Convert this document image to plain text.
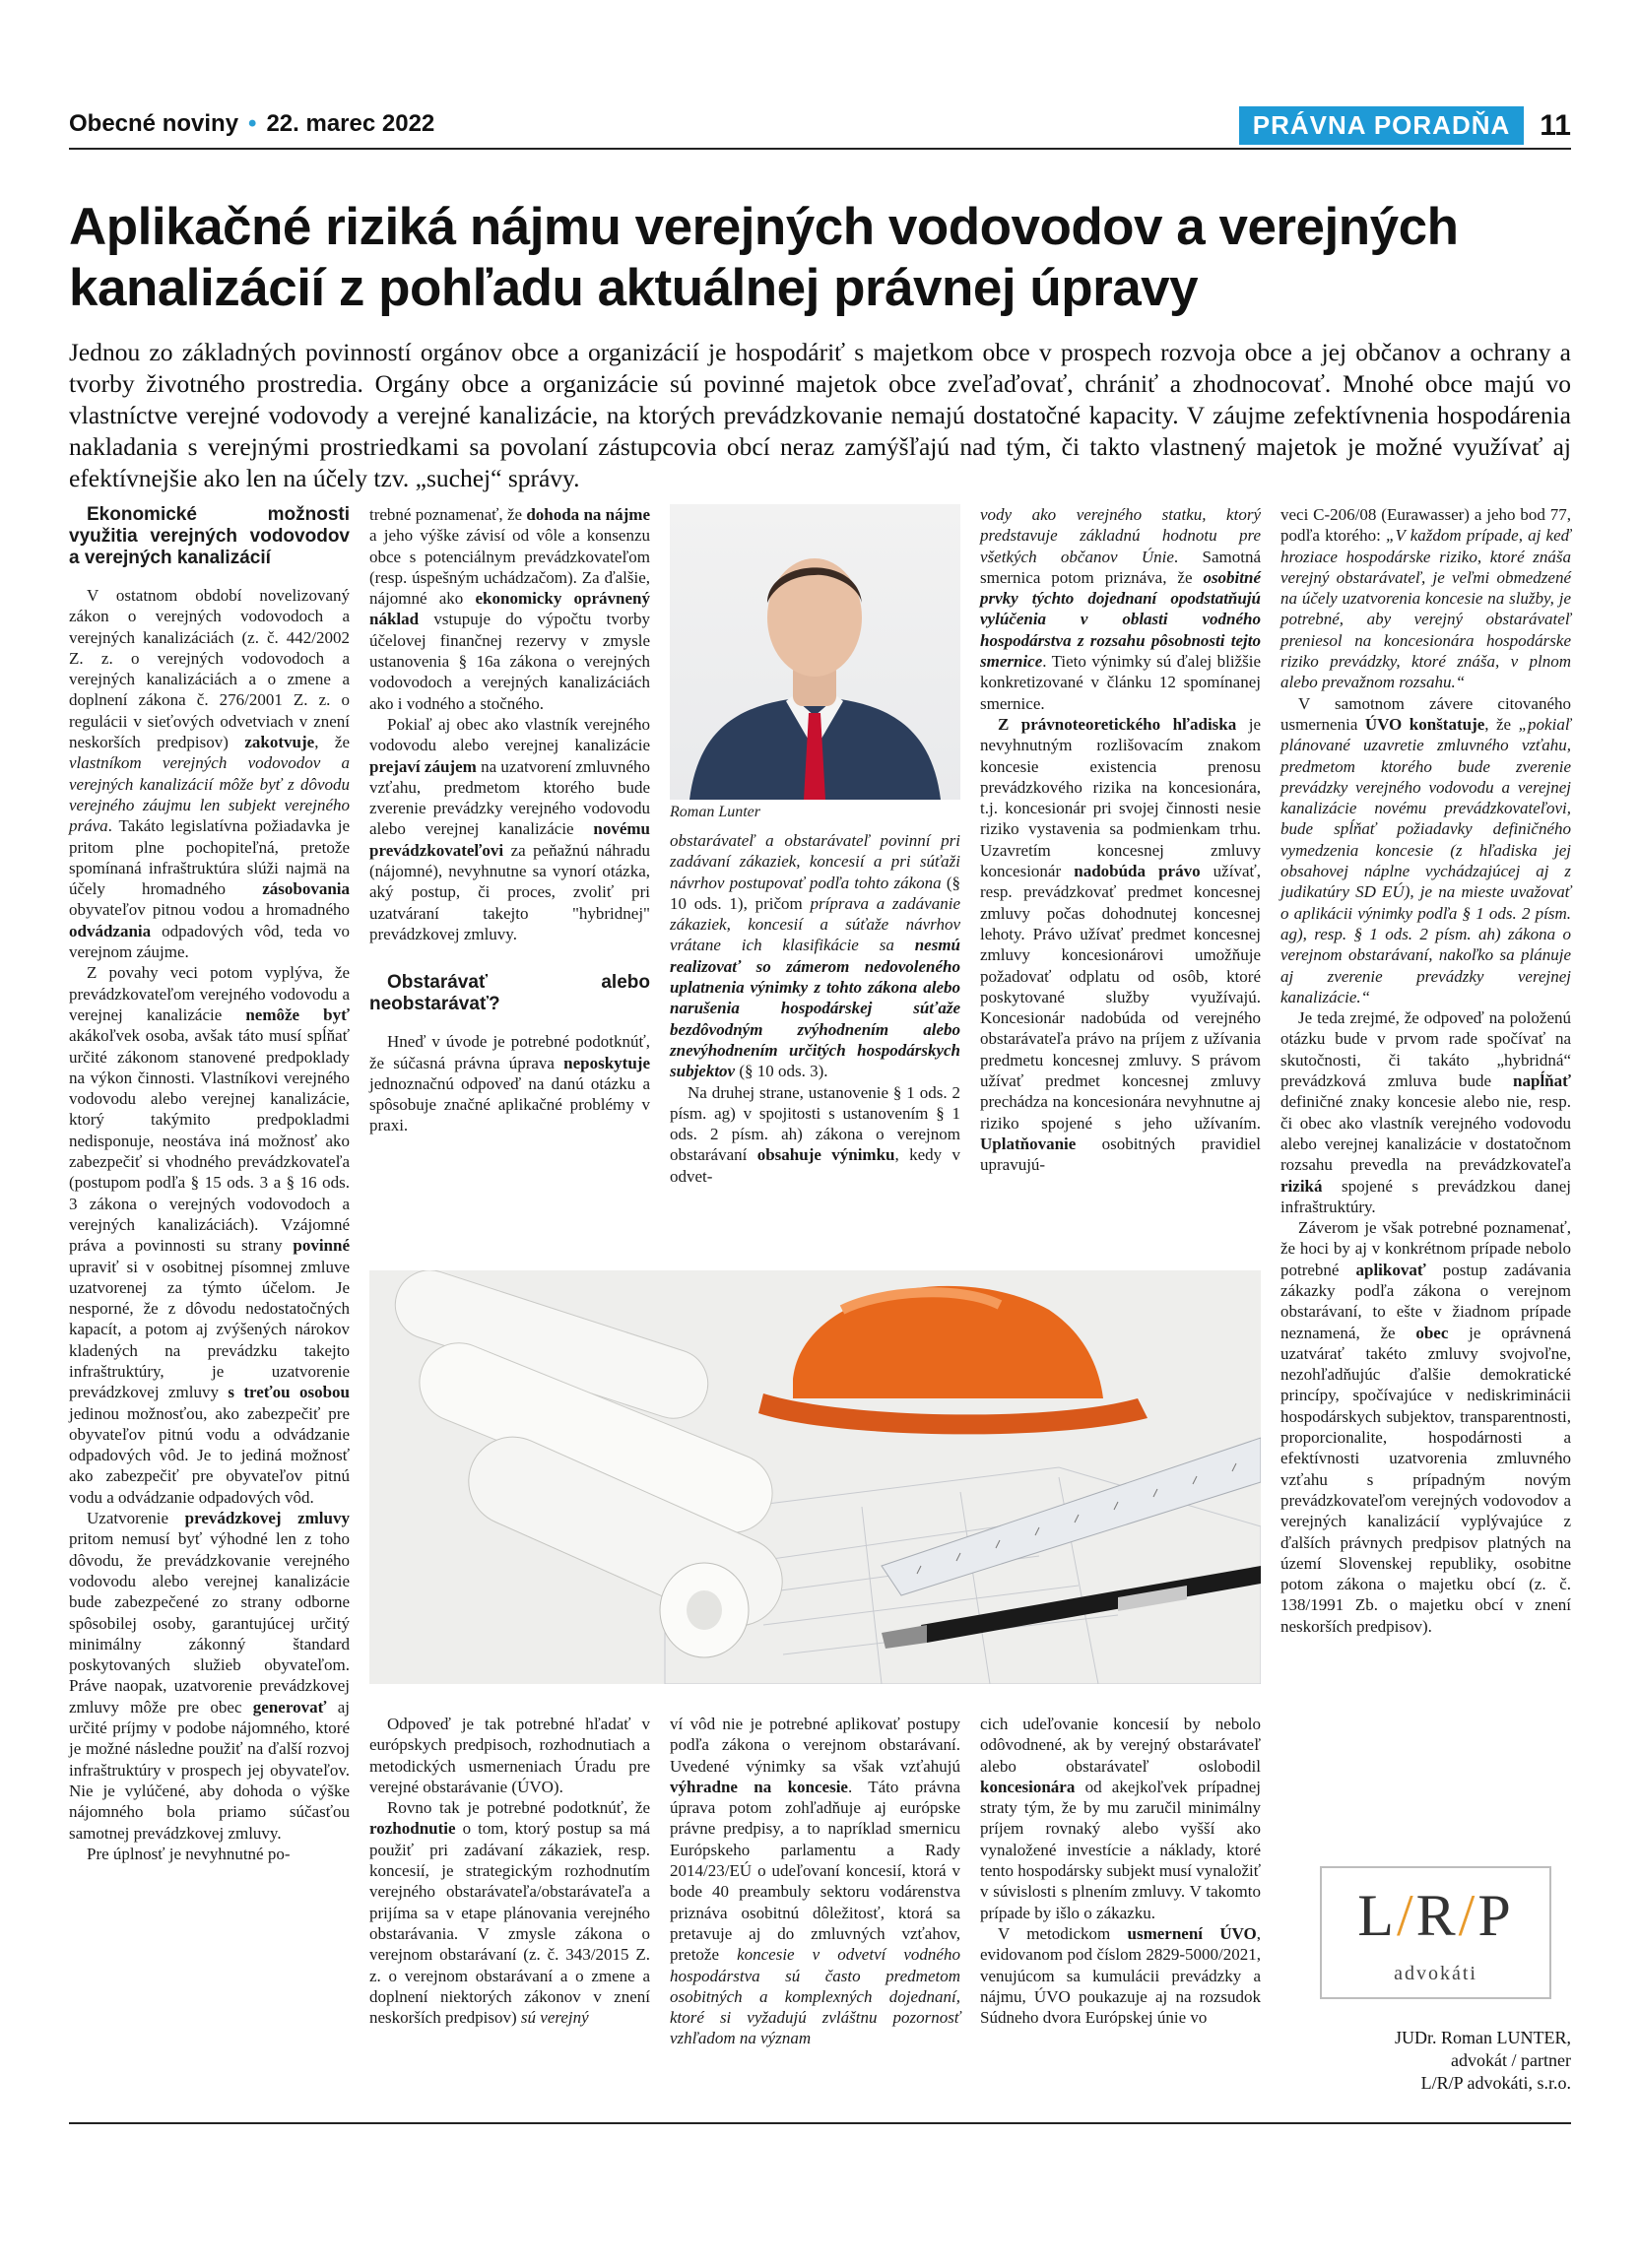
Obecné noviny • 22. marec 2022	PRÁVNA PORADŇA	11
Aplikačné riziká nájmu verejných vodovodov a verejných kanalizácií z pohľadu aktuálnej právnej úpravy

Jednou zo základných povinností orgánov obce a organizácií je hospodáriť s majetkom obce v prospech rozvoja obce a jej občanov a ochrany a tvorby životného prostredia. Orgány obce a organizácie sú povinné majetok obce zveľaďovať, chrániť a zhodnocovať. Mnohé obce majú vo vlastníctve verejné vodovody a verejné kanalizácie, na ktorých prevádzkovanie nemajú dostatočné kapacity. V záujme zefektívnenia hospodárenia nakladania s verejnými prostriedkami sa povolaní zástupcovia obcí neraz zamýšľajú nad tým, či takto vlastnený majetok je možné využívať aj efektívnejšie ako len na účely tzv. „suchej“ správy.

Ekonomické možnosti využitia verejných vodovodov a verejných kanalizácií

V ostatnom období novelizovaný zákon o verejných vodovodoch a verejných kanalizáciách (z. č. 442/2002 Z. z. o verejných vodovodoch a verejných kanalizáciách a o zmene a doplnení zákona č. 276/2001 Z. z. o regulácii v sieťových odvetviach v znení neskorších predpisov) zakotvuje, že vlastníkom verejných vodovodov a verejných kanalizácií môže byť z dôvodu verejného záujmu len subjekt verejného práva. Takáto legislatívna požiadavka je pritom plne pochopiteľná, pretože spomínaná infraštruktúra slúži najmä na účely hromadného zásobovania obyvateľov pitnou vodou a hromadného odvádzania odpadových vôd, teda vo verejnom záujme.

Z povahy veci potom vyplýva, že prevádzkovateľom verejného vodovodu a verejnej kanalizácie nemôže byť akákoľvek osoba, avšak táto musí spĺňať určité zákonom stanovené predpoklady na výkon činnosti. Vlastníkovi verejného vodovodu alebo verejnej kanalizácie, ktorý takýmito predpokladmi nedisponuje, neostáva iná možnosť ako zabezpečiť si vhodného prevádzkovateľa (postupom podľa § 15 ods. 3 a § 16 ods. 3 zákona o verejných vodovodoch a verejných kanalizáciách). Vzájomné práva a povinnosti su strany povinné upraviť si v osobitnej písomnej zmluve uzatvorenej za týmto účelom. Je nesporné, že z dôvodu nedostatočných kapacít, a potom aj zvýšených nárokov kladených na prevádzku takejto infraštruktúry, je uzatvorenie prevádzkovej zmluvy s treťou osobou jedinou možnosťou, ako zabezpečiť pre obyvateľov pitnú vodu a odvádzanie odpadových vôd. Je to jediná možnosť ako zabezpečiť pre obyvateľov pitnú vodu a odvádzanie odpadových vôd.

Uzatvorenie prevádzkovej zmluvy pritom nemusí byť výhodné len z toho dôvodu, že prevádzkovanie verejného vodovodu alebo verejnej kanalizácie bude zabezpečené zo strany odborne spôsobilej osoby, garantujúcej určitý minimálny zákonný štandard poskytovaných služieb obyvateľom. Práve naopak, uzatvorenie prevádzkovej zmluvy môže pre obec generovať aj určité príjmy v podobe nájomného, ktoré je možné následne použiť na ďalší rozvoj infraštruktúry v prospech jej obyvateľov. Nie je vylúčené, aby dohoda o výške nájomného bola priamo súčasťou samotnej prevádzkovej zmluvy.

Pre úplnosť je nevyhnutné po-

trebné poznamenať, že dohoda na nájme a jeho výške závisí od vôle a konsenzu obce s potenciálnym prevádzkovateľom (resp. úspešným uchádzačom). Za ďalšie, nájomné ako ekonomicky oprávnený náklad vstupuje do výpočtu tvorby účelovej finančnej rezervy v zmysle ustanovenia § 16a zákona o verejných vodovodoch a verejných kanalizáciách ako i vodného a stočného.

Pokiaľ aj obec ako vlastník verejného vodovodu alebo verejnej kanalizácie prejaví záujem na uzatvorení zmluvného vzťahu, predmetom ktorého bude zverenie prevádzky verejného vodovodu alebo verejnej kanalizácie novému prevádzkovateľovi za peňažnú náhradu (nájomné), nevyhnutne sa vynorí otázka, aký postup, či proces, zvoliť pri uzatváraní takejto "hybridnej" prevádzkovej zmluvy.

Obstarávať alebo neobstarávať?

Hneď v úvode je potrebné podotknúť, že súčasná právna úprava neposkytuje jednoznačnú odpoveď na danú otázku a spôsobuje značné aplikačné problémy v praxi.

Roman Lunter

obstarávateľ a obstarávateľ povinní pri zadávaní zákaziek, koncesií a pri súťaži návrhov postupovať podľa tohto zákona (§ 10 ods. 1), pričom príprava a zadávanie zákaziek, koncesií a súťaže návrhov vrátane ich klasifikácie sa nesmú realizovať so zámerom nedovoleného uplatnenia výnimky z tohto zákona alebo narušenia hospodárskej súťaže bezdôvodným zvýhodnením alebo znevýhodnením určitých hospodárskych subjektov (§ 10 ods. 3).

Na druhej strane, ustanovenie § 1 ods. 2 písm. ag) v spojitosti s ustanovením § 1 ods. 2 písm. ah) zákona o verejnom obstarávaní obsahuje výnimku, kedy v odvet-

vody ako verejného statku, ktorý predstavuje základnú hodnotu pre všetkých občanov Únie. Samotná smernica potom priznáva, že osobitné prvky týchto dojednaní opodstatňujú vylúčenia v oblasti vodného hospodárstva z rozsahu pôsobnosti tejto smernice. Tieto výnimky sú ďalej bližšie konkretizované v článku 12 spomínanej smernice.

Z právnoteoretického hľadiska je nevyhnutným rozlišovacím znakom koncesie existencia prenosu prevádzkového rizika na koncesionára, t.j. koncesionár pri svojej činnosti nesie riziko vystavenia sa podmienkam trhu. Uzavretím koncesnej zmluvy koncesionár nadobúda právo užívať, resp. prevádzkovať predmet koncesnej zmluvy počas dohodnutej koncesnej lehoty. Právo užívať predmet koncesnej zmluvy koncesionárovi umožňuje požadovať odplatu od osôb, ktoré poskytované služby využívajú. Koncesionár nadobúda od verejného obstarávateľa právo na príjem z užívania predmetu koncesnej zmluvy. S právom užívať predmet koncesnej zmluvy prechádza na koncesionára nevyhnutne aj riziko spojené s jeho užívaním. Uplatňovanie osobitných pravidiel upravujú-

veci C-206/08 (Eurawasser) a jeho bod 77, podľa ktorého: „V každom prípade, aj keď hroziace hospodárske riziko, ktoré znáša verejný obstarávateľ, je veľmi obmedzené na účely uzatvorenia koncesie na služby, je potrebné, aby verejný obstarávateľ preniesol na koncesionára hospodárske riziko prevádzky, ktoré znáša, v plnom alebo prevažnom rozsahu.“

V samotnom závere citovaného usmernenia ÚVO konštatuje, že „pokiaľ plánované uzavretie zmluvného vzťahu, predmetom ktorého bude zverenie prevádzky verejného vodovodu a verejnej kanalizácie novému prevádzkovateľovi, bude spĺňať požiadavky definičného vymedzenia koncesie (z hľadiska jej obsahovej náplne vychádzajúcej aj z judikatúry SD EÚ), je na mieste uvažovať o aplikácii výnimky podľa § 1 ods. 2 písm. ag), resp. § 1 ods. 2 písm. ah) zákona o verejnom obstarávaní, nakoľko sa plánuje aj zverenie prevádzky verejnej kanalizácie.“

Je teda zrejmé, že odpoveď na položenú otázku bude v prvom rade spočívať na skutočnosti, či takáto „hybridná“ prevádzková zmluva bude napĺňať definičné znaky koncesie alebo nie, resp. či obec ako vlastník verejného vodovodu alebo verejnej kanalizácie v dostatočnom rozsahu prevedla na prevádzkovateľa riziká spojené s prevádzkou danej infraštruktúry.

Záverom je však potrebné poznamenať, že hoci by aj v konkrétnom prípade nebolo potrebné aplikovať postup zadávania zákazky podľa zákona o verejnom obstarávaní, to ešte v žiadnom prípade neznamená, že obec je oprávnená uzatvárať takéto zmluvy svojvoľne, nezohľadňujúc ďalšie demokratické princípy, spočívajúce v nediskriminácii hospodárskych subjektov, transparentnosti, proporcionalite, hospodárnosti a efektívnosti uzatvorenia zmluvného vzťahu s prípadným novým prevádzkovateľom verejných vodovodov a verejných kanalizácií vyplývajúce z ďalších právnych predpisov platných na území Slovenskej republiky, osobitne potom zákona o majetku obcí (z. č. 138/1991 Zb. o majetku obcí v znení neskorších predpisov).

Odpoveď je tak potrebné hľadať v európskych predpisoch, rozhodnutiach a metodických usmerneniach Úradu pre verejné obstarávanie (ÚVO).

Rovno tak je potrebné podotknúť, že rozhodnutie o tom, ktorý postup sa má použiť pri zadávaní zákaziek, resp. koncesií, je strategickým rozhodnutím verejného obstarávateľa/obstarávateľa a prijíma sa v etape plánovania verejného obstarávania. V zmysle zákona o verejnom obstarávaní (z. č. 343/2015 Z. z. o verejnom obstarávaní a o zmene a doplnení niektorých zákonov v znení neskorších predpisov) sú verejný

ví vôd nie je potrebné aplikovať postupy podľa zákona o verejnom obstarávaní. Uvedené výnimky sa však vzťahujú výhradne na koncesie. Táto právna úprava potom zohľadňuje aj európske právne predpisy, a to napríklad smernicu Európskeho parlamentu a Rady 2014/23/EÚ o udeľovaní koncesií, ktorá v bode 40 preambuly sektoru vodárenstva priznáva osobitnú dôležitosť, ktorá sa pretavuje aj do zmluvných vzťahov, pretože koncesie v odvetví vodného hospodárstva sú často predmetom osobitných a komplexných dojednaní, ktoré si vyžadujú zvláštnu pozornosť vzhľadom na význam

cich udeľovanie koncesií by nebolo odôvodnené, ak by verejný obstarávateľ alebo obstarávateľ oslobodil koncesionára od akejkoľvek prípadnej straty tým, že by mu zaručil minimálny príjem rovnaký alebo vyšší ako vynaložené investície a náklady, ktoré tento hospodársky subjekt musí vynaložiť v súvislosti s plnením zmluvy. V takomto prípade by išlo o zákazku.

V metodickom usmernení ÚVO, evidovanom pod číslom 2829-5000/2021, venujúcom sa kumulácii prevádzky a nájmu, ÚVO poukazuje aj na rozsudok Súdneho dvora Európskej únie vo

L/R/P
advokáti
JUDr. Roman LUNTER,
advokát / partner
L/R/P advokáti, s.r.o.
